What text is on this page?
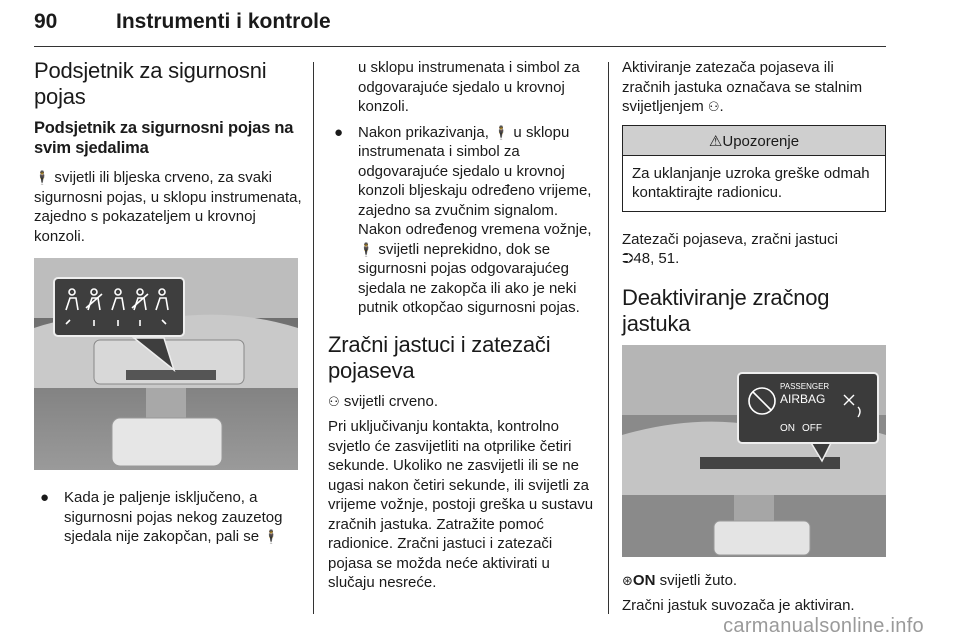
90	Instrumenti i kontrole
Podsjetnik za sigurnosni pojas
Podsjetnik za sigurnosni pojas na svim sjedalima

🕴 svijetli ili bljeska crveno, za svaki sigurnosni pojas, u sklopu instrumenata, zajedno s pokazateljem u krovnoj konzoli.

● Kada je paljenje isključeno, a sigurnosni pojas nekog zauzetog sjedala nije zakopčan, pali se 🕴

u sklopu instrumenata i simbol za odgovarajuće sjedalo u krovnoj konzoli.

● Nakon prikazivanja, 🕴 u sklopu instrumenata i simbol za odgovarajuće sjedalo u krovnoj konzoli bljeskaju određeno vrijeme, zajedno sa zvučnim signalom. Nakon određenog vremena vožnje, 🕴 svijetli neprekidno, dok se sigurnosni pojas odgovarajućeg sjedala ne zakopča ili ako je neki putnik otkopčao sigurnosni pojas.
Zračni jastuci i zatezači pojaseva

⚇ svijetli crveno.

Pri uključivanju kontakta, kontrolno svjetlo će zasvijetliti na otprilike četiri sekunde. Ukoliko ne zasvijetli ili se ne ugasi nakon četiri sekunde, ili svijetli za vrijeme vožnje, postoji greška u sustavu zračnih jastuka. Zatražite pomoć radionice. Zračni jastuci i zatezači pojasa se možda neće aktivirati u slučaju nesreće.

Aktiviranje zatezača pojaseva ili zračnih jastuka označava se stalnim svijetljenjem ⚇.

⚠Upozorenje
Za uklanjanje uzroka greške odmah kontaktirajte radionicu.

Zatezači pojaseva, zračni jastuci
⮊48, 51.

Deaktiviranje zračnog jastuka
PASSENGER
AIRBAG
ON OFF

⊛ON svijetli žuto.

Zračni jastuk suvozača je aktiviran.

carmanualsonline.info
